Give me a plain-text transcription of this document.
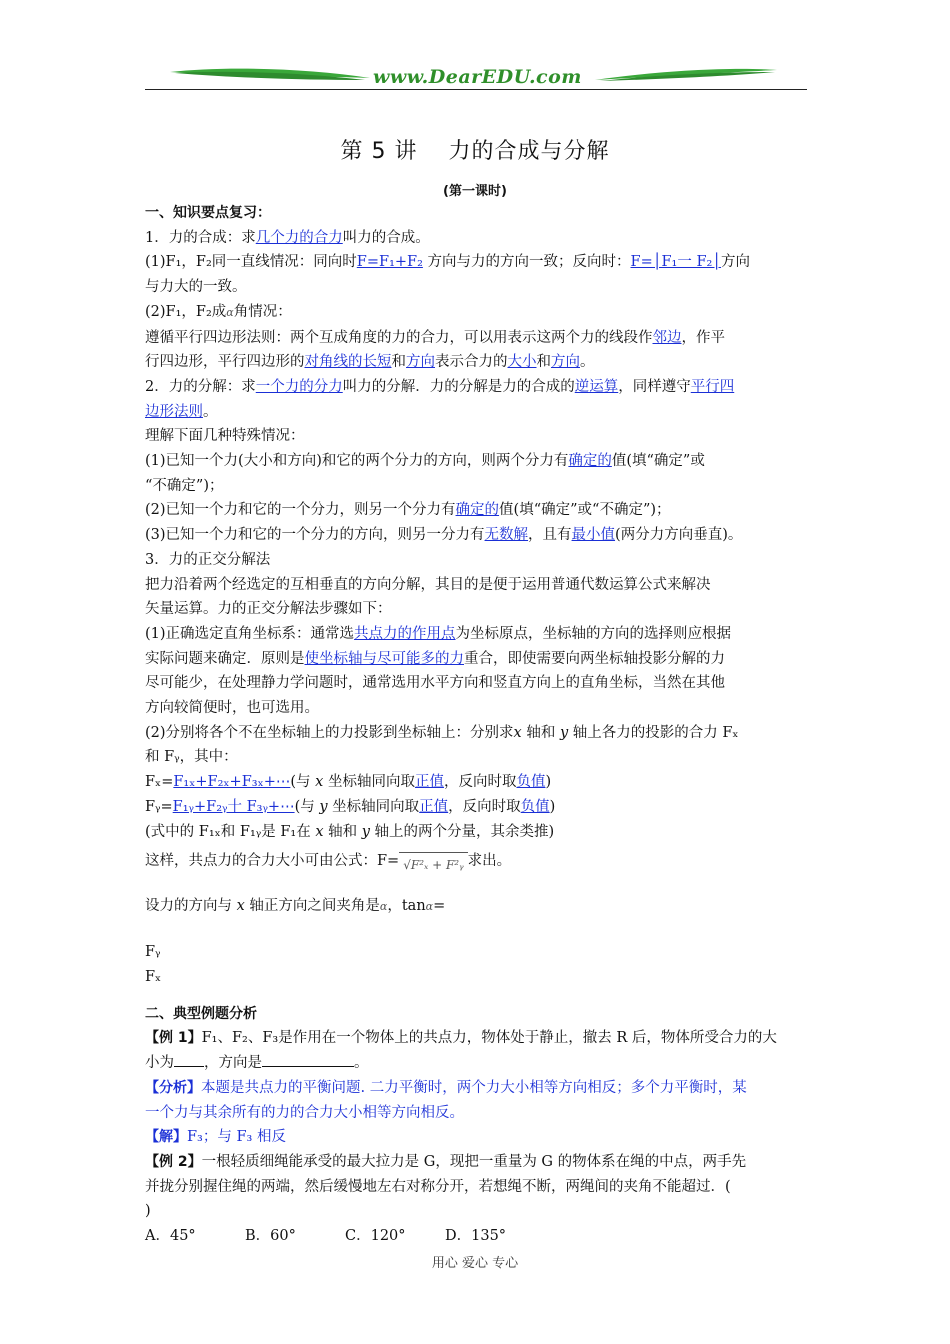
www.DearEDU.com
第 5 讲　 力的合成与分解
(第一课时)

一、知识要点复习：

1．力的合成：求几个力的合力叫力的合成。

(1)F₁，F₂同一直线情况：同向时F=F₁+F₂ 方向与力的方向一致；反向时：F=│F₁一 F₂│方向

与力大的一致。

(2)F₁，F₂成α角情况：

遵循平行四边形法则：两个互成角度的力的合力，可以用表示这两个力的线段作邻边，作平

行四边形，平行四边形的对角线的长短和方向表示合力的大小和方向。

2．力的分解：求一个力的分力叫力的分解．力的分解是力的合成的逆运算，同样遵守平行四

边形法则。

理解下面几种特殊情况：

(1)已知一个力(大小和方向)和它的两个分力的方向，则两个分力有确定的值(填“确定”或

“不确定”)；

(2)已知一个力和它的一个分力，则另一个分力有确定的值(填“确定”或“不确定”)；

(3)已知一个力和它的一个分力的方向，则另一分力有无数解，且有最小值(两分力方向垂直)。

3．力的正交分解法

把力沿着两个经选定的互相垂直的方向分解，其目的是便于运用普通代数运算公式来解决

矢量运算。力的正交分解法步骤如下：

(1)正确选定直角坐标系：通常选共点力的作用点为坐标原点，坐标轴的方向的选择则应根据

实际问题来确定．原则是使坐标轴与尽可能多的力重合，即使需要向两坐标轴投影分解的力

尽可能少，在处理静力学问题时，通常选用水平方向和竖直方向上的直角坐标，当然在其他

方向较简便时，也可选用。

(2)分别将各个不在坐标轴上的力投影到坐标轴上：分别求x 轴和 y 轴上各力的投影的合力 Fₓ

和 Fᵧ，其中：

Fₓ=F₁ₓ+F₂ₓ+F₃ₓ+⋯(与 x 坐标轴同向取正值，反向时取负值)

Fᵧ=F₁ᵧ+F₂ᵧ十 F₃ᵧ+⋯(与 y 坐标轴同向取正值，反向时取负值)

(式中的 F₁ₓ和 F₁ᵧ是 F₁在 x 轴和 y 轴上的两个分量，其余类推)

这样，共点力的合力大小可由公式：F= √F²ₓ + F²ᵧ 求出。

设力的方向与 x 轴正方向之间夹角是α，tanα=

Fᵧ
Fₓ

二、典型例题分析

【例 1】F₁、F₂、F₃是作用在一个物体上的共点力，物体处于静止，撤去 R 后，物体所受合力的大

小为 ，方向是	。

【分析】本题是共点力的平衡问题. 二力平衡时，两个力大小相等方向相反；多个力平衡时，某

一个力与其余所有的力的合力大小相等方向相反。

【解】F₃；与 F₃ 相反

【例 2】一根轻质细绳能承受的最大拉力是 G，现把一重量为 G 的物体系在绳的中点，两手先

并拢分别握住绳的两端，然后缓慢地左右对称分开，若想绳不断，两绳间的夹角不能超过．(

)

A．45°	B．60°	C．120°	D．135°

用心 爱心 专心
